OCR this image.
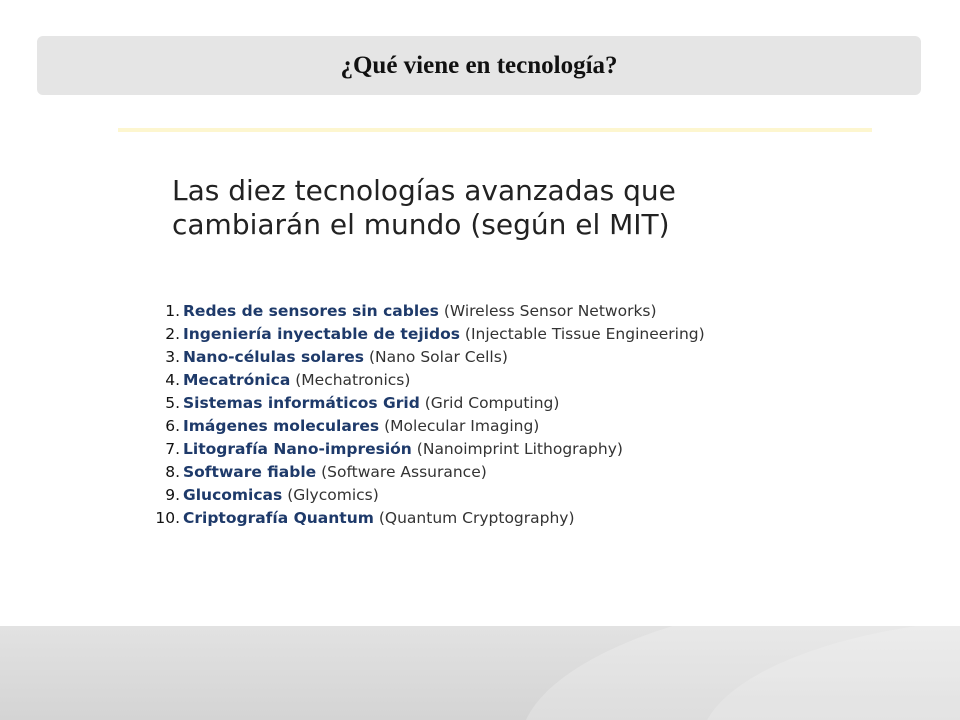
¿Qué viene en tecnología?
Las diez tecnologías avanzadas que
cambiarán el mundo (según el MIT)
1. Redes de sensores sin cables (Wireless Sensor Networks)
2. Ingeniería inyectable de tejidos (Injectable Tissue Engineering)
3. Nano-células solares (Nano Solar Cells)
4. Mecatrónica (Mechatronics)
5. Sistemas informáticos Grid (Grid Computing)
6. Imágenes moleculares (Molecular Imaging)
7. Litografía Nano-impresión (Nanoimprint Lithography)
8. Software fiable (Software Assurance)
9. Glucomicas (Glycomics)
10. Criptografía Quantum (Quantum Cryptography)
